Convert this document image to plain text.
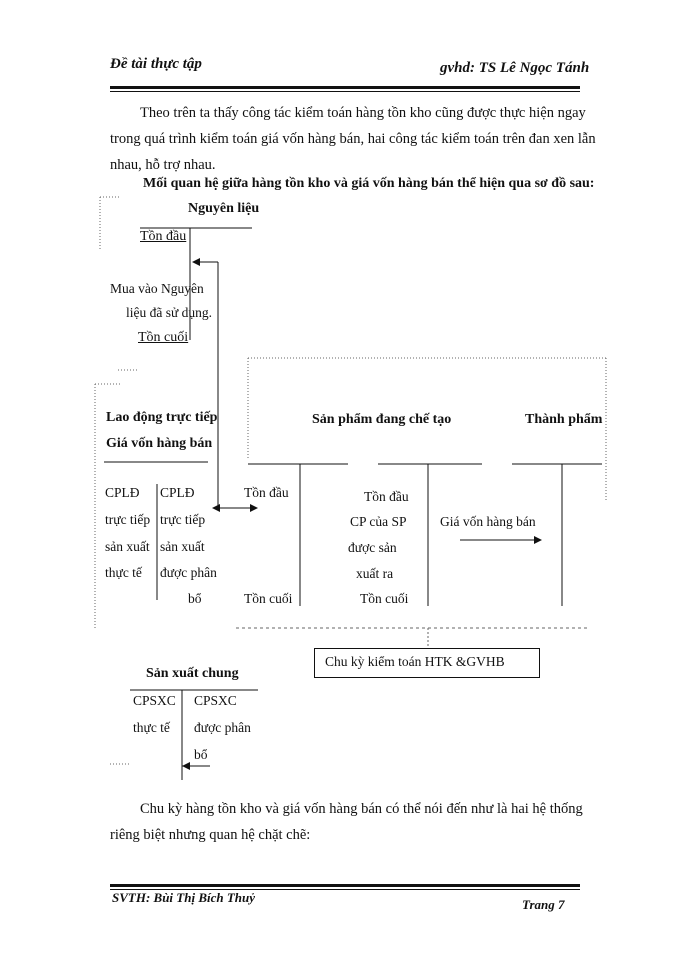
Đề tài thực tập	gvhd: TS Lê Ngọc Tánh

Theo trên ta thấy công tác kiểm toán hàng tồn kho cũng được thực hiện ngay trong quá trình kiểm toán giá vốn hàng bán, hai công tác kiểm toán trên đan xen lẫn nhau, hỗ trợ nhau.

Mối quan hệ giữa hàng tồn kho và giá vốn hàng bán thể hiện qua sơ đồ sau:
Nguyên liệu
Tồn đầu
Mua vào Nguyên
liệu đã sử dụng.
Tồn cuối
Lao động trực tiếp
Giá vốn hàng bán
CPLĐ
trực tiếp
sản xuất
thực tế
CPLĐ
trực tiếp
sản xuất
được phân
bổ
Sản phẩm đang chế tạo
Tồn đầu
Tồn cuối
Tồn đầu
CP của SP
được sản
xuất ra
Tồn cuối
Giá vốn hàng bán
Thành phẩm
Chu kỳ kiểm toán HTK &GVHB
Sản xuất chung
CPSXC
thực tế
CPSXC
được phân
bổ

Chu kỳ hàng tồn kho và giá vốn hàng bán có thể nói đến như là hai hệ thống riêng biệt nhưng quan hệ chặt chẽ:

SVTH: Bùi Thị Bích Thuỷ	Trang 7
